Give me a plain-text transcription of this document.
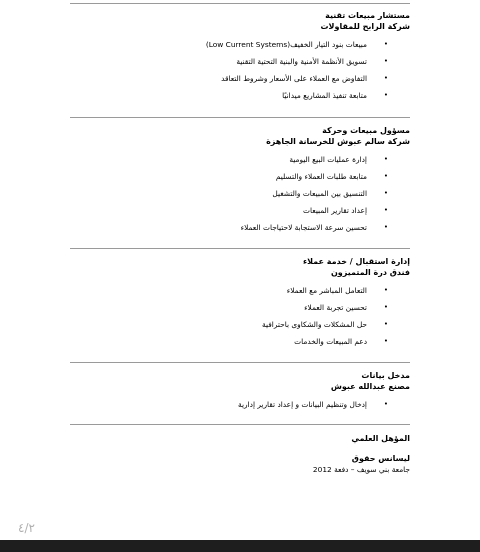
مستشار مبيعات تقنية

شركة الرابح للمقاولات

• مبيعات بنود التيار الخفيف(Low Current Systems)
• تسويق الأنظمة الأمنية والبنية التحتية التقنية
• التفاوض مع العملاء على الأسعار وشروط التعاقد
• متابعة تنفيذ المشاريع ميدانيًا

مسؤول مبيعات وحركة

شركة سالم عبوش للخرسانة الجاهزة

• إدارة عمليات البيع اليومية
• متابعة طلبات العملاء والتسليم
• التنسيق بين المبيعات والتشغيل
• إعداد تقارير المبيعات
• تحسين سرعة الاستجابة لاحتياجات العملاء

إدارة استقبال / خدمة عملاء

فندق درة المتميزون

• التعامل المباشر مع العملاء
• تحسين تجربة العملاء
• حل المشكلات والشكاوى باحترافية
• دعم المبيعات والخدمات

مدخل بيانات

مصنع عبدالله عبوش

• إدخال وتنظيم البيانات و إعداد تقارير إدارية
المؤهل العلمي
ليسانس حقوق
جامعة بني سويف – دفعة 2012
٤/٢
